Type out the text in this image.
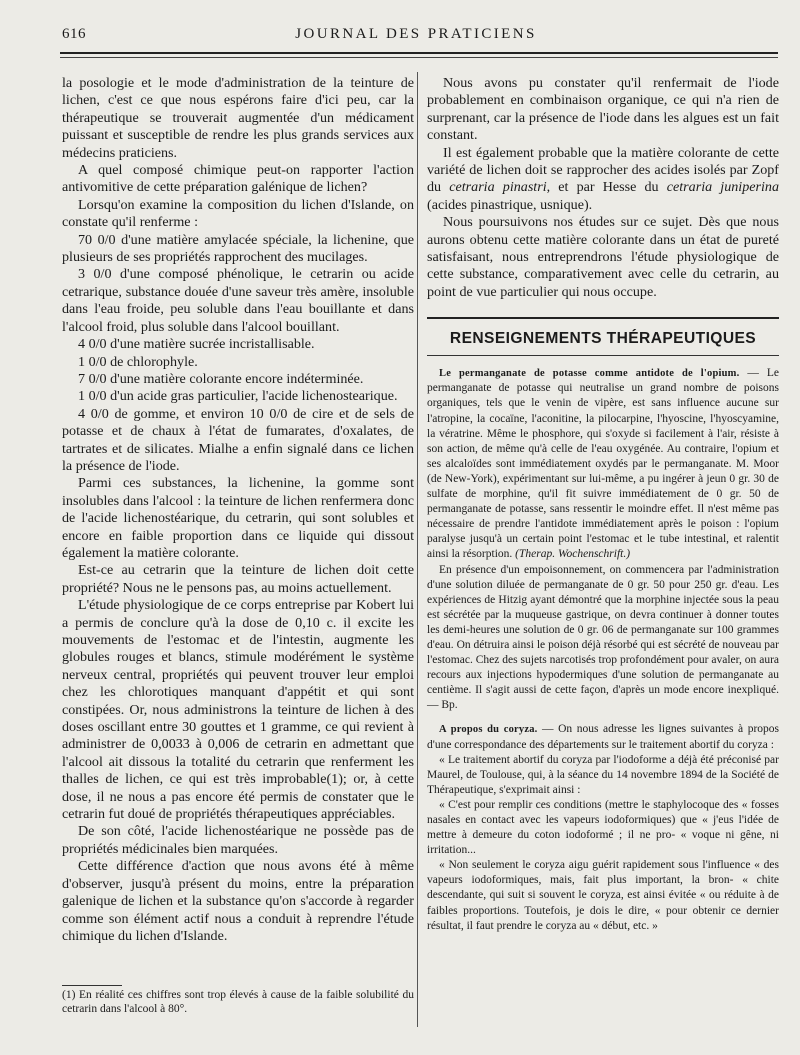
616	JOURNAL DES PRATICIENS

la posologie et le mode d'administration de la teinture de lichen, c'est ce que nous espérons faire d'ici peu, car la thérapeutique se trouverait augmentée d'un médicament puissant et susceptible de rendre les plus grands services aux médecins praticiens.

A quel composé chimique peut-on rapporter l'action antivomitive de cette préparation galénique de lichen?

Lorsqu'on examine la composition du lichen d'Islande, on constate qu'il renferme :

70 0/0 d'une matière amylacée spéciale, la lichenine, que plusieurs de ses propriétés rapprochent des mucilages.

3 0/0 d'une composé phénolique, le cetrarin ou acide cetrarique, substance douée d'une saveur très amère, insoluble dans l'eau froide, peu soluble dans l'eau bouillante et dans l'alcool froid, plus soluble dans l'alcool bouillant.

4 0/0 d'une matière sucrée incristallisable.

1 0/0 de chlorophyle.

7 0/0 d'une matière colorante encore indéterminée.

1 0/0 d'un acide gras particulier, l'acide lichenostearique.

4 0/0 de gomme, et environ 10 0/0 de cire et de sels de potasse et de chaux à l'état de fumarates, d'oxalates, de tartrates et de silicates. Mialhe a enfin signalé dans ce lichen la présence de l'iode.

Parmi ces substances, la lichenine, la gomme sont insolubles dans l'alcool : la teinture de lichen renfermera donc de l'acide lichenostéarique, du cetrarin, qui sont solubles et encore en faible proportion dans ce liquide qui dissout également la matière colorante.

Est-ce au cetrarin que la teinture de lichen doit cette propriété? Nous ne le pensons pas, au moins actuellement.

L'étude physiologique de ce corps entreprise par Kobert lui a permis de conclure qu'à la dose de 0,10 c. il excite les mouvements de l'estomac et de l'intestin, augmente les globules rouges et blancs, stimule modérément le système nerveux central, propriétés qui peuvent trouver leur emploi chez les chlorotiques manquant d'appétit et qui sont constipées. Or, nous administrons la teinture de lichen à des doses oscillant entre 30 gouttes et 1 gramme, ce qui revient à administrer de 0,0033 à 0,006 de cetrarin en admettant que l'alcool ait dissous la totalité du cetrarin que renferment les thalles de lichen, ce qui est très improbable(1); or, à cette dose, il ne nous a pas encore été permis de constater que le cetrarin fut doué de propriétés thérapeutiques appréciables.

De son côté, l'acide lichenostéarique ne possède pas de propriétés médicinales bien marquées.

Cette différence d'action que nous avons été à même d'observer, jusqu'à présent du moins, entre la préparation galenique de lichen et la substance qu'on s'accorde à regarder comme son élément actif nous a conduit à reprendre l'étude chimique du lichen d'Islande.

(1) En réalité ces chiffres sont trop élevés à cause de la faible solubilité du cetrarin dans l'alcool à 80°.

Nous avons pu constater qu'il renfermait de l'iode probablement en combinaison organique, ce qui n'a rien de surprenant, car la présence de l'iode dans les algues est un fait constant.

Il est également probable que la matière colorante de cette variété de lichen doit se rapprocher des acides isolés par Zopf du cetraria pinastri, et par Hesse du cetraria juniperina (acides pinastrique, usnique).

Nous poursuivons nos études sur ce sujet. Dès que nous aurons obtenu cette matière colorante dans un état de pureté satisfaisant, nous entreprendrons l'étude physiologique de cette substance, comparativement avec celle du cetrarin, au point de vue particulier qui nous occupe.

RENSEIGNEMENTS THÉRAPEUTIQUES

Le permanganate de potasse comme antidote de l'opium. — Le permanganate de potasse qui neutralise un grand nombre de poisons organiques, tels que le venin de vipère, est sans influence aucune sur l'atropine, la cocaïne, l'aconitine, la pilocarpine, l'hyoscine, l'hyoscyamine, la vératrine. Même le phosphore, qui s'oxyde si facilement à l'air, résiste à son action, de même qu'à celle de l'eau oxygénée. Au contraire, l'opium et ses alcaloïdes sont immédiatement oxydés par le permanganate. M. Moor (de New-York), expérimentant sur lui-même, a pu ingérer à jeun 0 gr. 30 de sulfate de morphine, qu'il fit suivre immédiatement de 0 gr. 50 de permanganate de potasse, sans ressentir le moindre effet. Il n'est même pas nécessaire de prendre l'antidote immédiatement après le poison : l'opium paralyse jusqu'à un certain point l'estomac et le tube intestinal, et ralentit ainsi la résorption. (Therap. Wochenschrift.)

En présence d'un empoisonnement, on commencera par l'administration d'une solution diluée de permanganate de 0 gr. 50 pour 250 gr. d'eau. Les expériences de Hitzig ayant démontré que la morphine injectée sous la peau est sécrétée par la muqueuse gastrique, on devra continuer à donner toutes les demi-heures une solution de 0 gr. 06 de permanganate sur 100 grammes d'eau. On détruira ainsi le poison déjà résorbé qui est sécrété de nouveau par l'estomac. Chez des sujets narcotisés trop profondément pour avaler, on aura recours aux injections hypodermiques d'une solution de permanganate au centième. Il s'agit aussi de cette façon, d'après un mode encore inexpliqué. — Bp.

A propos du coryza. — On nous adresse les lignes suivantes à propos d'une correspondance des départements sur le traitement abortif du coryza :

« Le traitement abortif du coryza par l'iodoforme a déjà été préconisé par Maurel, de Toulouse, qui, à la séance du 14 novembre 1894 de la Société de Thérapeutique, s'exprimait ainsi :

« C'est pour remplir ces conditions (mettre le staphylocoque des « fosses nasales en contact avec les vapeurs iodoformiques) que « j'eus l'idée de mettre à demeure du coton iodoformé ; il ne pro- « voque ni gêne, ni irritation...

« Non seulement le coryza aigu guérit rapidement sous l'influence « des vapeurs iodoformiques, mais, fait plus important, la bron- « chite descendante, qui suit si souvent le coryza, est ainsi évitée « ou réduite à de faibles proportions. Toutefois, je dois le dire, « pour obtenir ce dernier résultat, il faut prendre le coryza au « début, etc. »
